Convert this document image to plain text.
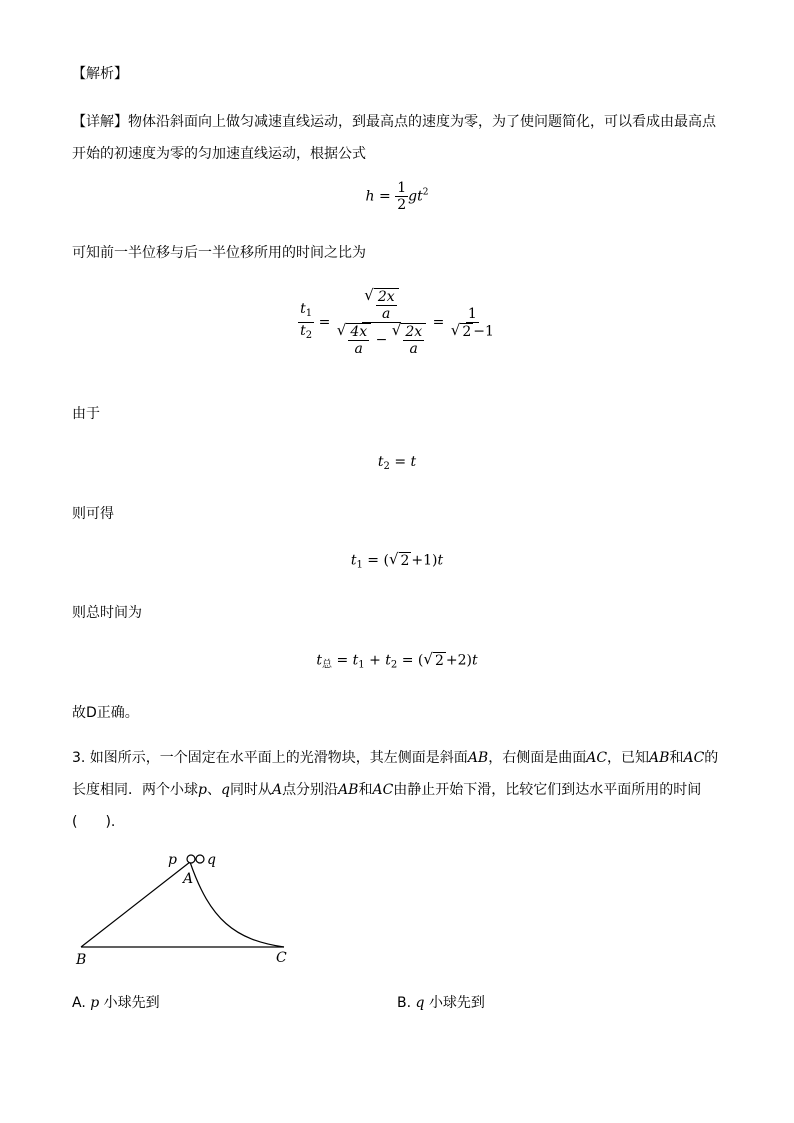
【解析】
【详解】物体沿斜面向上做匀减速直线运动，到最高点的速度为零，为了使问题简化，可以看成由最高点
开始的初速度为零的匀加速直线运动，根据公式
$h = \frac{1}{2} gt^2$
可知前一半位移与后一半位移所用的时间之比为
$\frac{t_1}{t_2}$ = √ $\frac{2x}{a}$
√ $\frac{4x}{a}$ −
√ $\frac{2x}{a} = \frac{1}{√ 2 -1}$
由于
$t_2 = t$
则可得
$t_1$ = ( √ 2 +1)t
则总时间为
$t_总 = t_1 + t_2$ = ( √ 2 +2)t
故D正确。
3. 如图所示，一个固定在水平面上的光滑物块，其左侧面是斜面AB，右侧面是曲面AC，已知AB和AC的
长度相同．两个小球p、q同时从A点分别沿AB和AC由静止开始下滑，比较它们到达水平面所用的时间
(　　).
p q
A
B	C
A. p 小球先到	B. q 小球先到
